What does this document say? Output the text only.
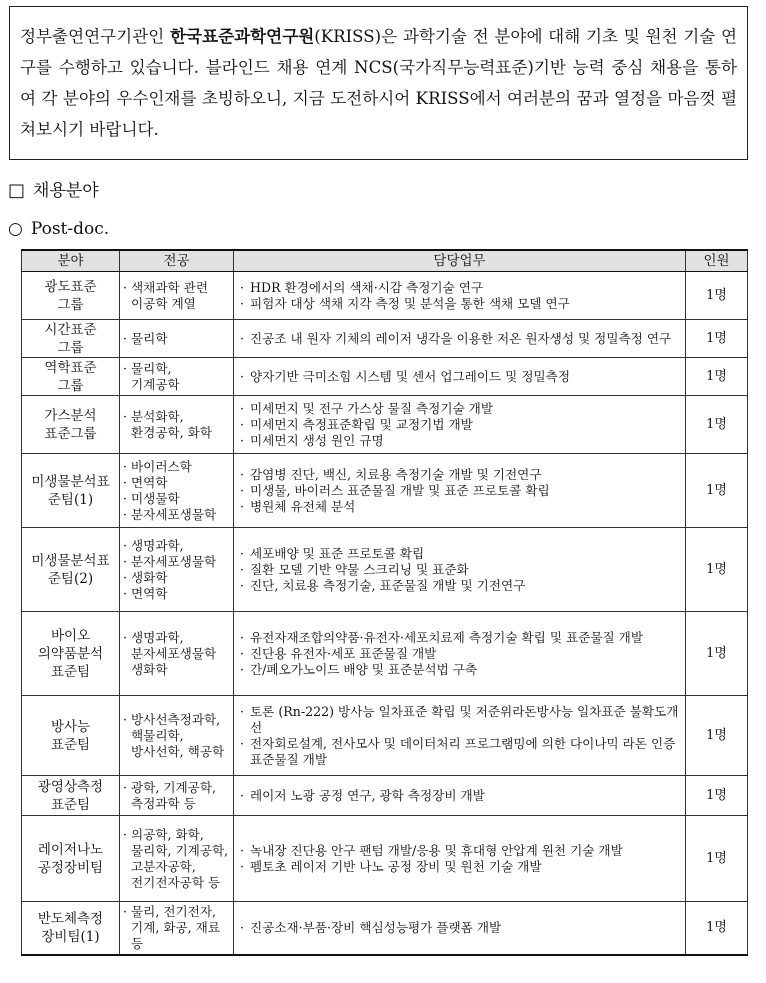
정부출연연구기관인 한국표준과학연구원(KRISS)은 과학기술 전 분야에 대해 기초 및 원천 기술 연구를 수행하고 있습니다. 블라인드 채용 연계 NCS(국가직무능력표준)기반 능력 중심 채용을 통하여 각 분야의 우수인재를 초빙하오니, 지금 도전하시어 KRISS에서 여러분의 꿈과 열정을 마음껏 펼쳐보시기 바랍니다.
□ 채용분야
○ Post-doc.
분야	전공	담당업무	인원

광도표준
그룹	· 색채과학 관련
이공학 계열	· HDR 환경에서의 색채·시감 측정기술 연구
· 피험자 대상 색채 지각 측정 및 분석을 통한 색채 모델 연구	1명

시간표준
그룹	· 물리학	· 진공조 내 원자 기체의 레이저 냉각을 이용한 저온 원자생성 및 정밀측정 연구	1명

역학표준
그룹	· 물리학,
기계공학	· 양자기반 극미소힘 시스템 및 센서 업그레이드 및 정밀측정	1명

가스분석
표준그룹	· 분석화학,
환경공학, 화학	· 미세먼지 및 전구 가스상 물질 측정기술 개발
· 미세먼지 측정표준확립 및 교정기법 개발
· 미세먼지 생성 원인 규명	1명

미생물분석표
준팀(1)	· 바이러스학
· 면역학
· 미생물학
· 분자세포생물학	· 감염병 진단, 백신, 치료용 측정기술 개발 및 기전연구
· 미생물, 바이러스 표준물질 개발 및 표준 프로토콜 확립
· 병원체 유전체 분석	1명

미생물분석표
준팀(2)	· 생명과학,
· 분자세포생물학
· 생화학
· 면역학	· 세포배양 및 표준 프로토콜 확립
· 질환 모델 기반 약물 스크리닝 및 표준화
· 진단, 치료용 측정기술, 표준물질 개발 및 기전연구	1명

바이오
의약품분석
표준팀	· 생명과학,
분자세포생물학
생화학	· 유전자재조합의약품·유전자·세포치료제 측정기술 확립 및 표준물질 개발
· 진단용 유전자·세포 표준물질 개발
· 간/폐오가노이드 배양 및 표준분석법 구축	1명

방사능
표준팀	· 방사선측정과학,
핵물리학,
방사선학, 핵공학	· 토론 (Rn-222) 방사능 일차표준 확립 및 저준위라돈방사능 일차표준 불확도개선
· 전자회로설계, 전사모사 및 데이터처리 프로그램밍에 의한 다이나믹 라돈 인증표준물질 개발	1명

광영상측정
표준팀	· 광학, 기계공학,
측정과학 등	· 레이저 노광 공정 연구, 광학 측정장비 개발	1명

레이저나노
공정장비팀	· 의공학, 화학,
물리학, 기계공학,
고분자공학,
전기전자공학 등	· 녹내장 진단용 안구 팬텀 개발/응용 및 휴대형 안압계 원천 기술 개발
· 펨토초 레이저 기반 나노 공정 장비 및 원천 기술 개발	1명

반도체측정
장비팀(1)	· 물리, 전기전자,
기계, 화공, 재료 등	· 진공소재·부품·장비 핵심성능평가 플랫폼 개발	1명
